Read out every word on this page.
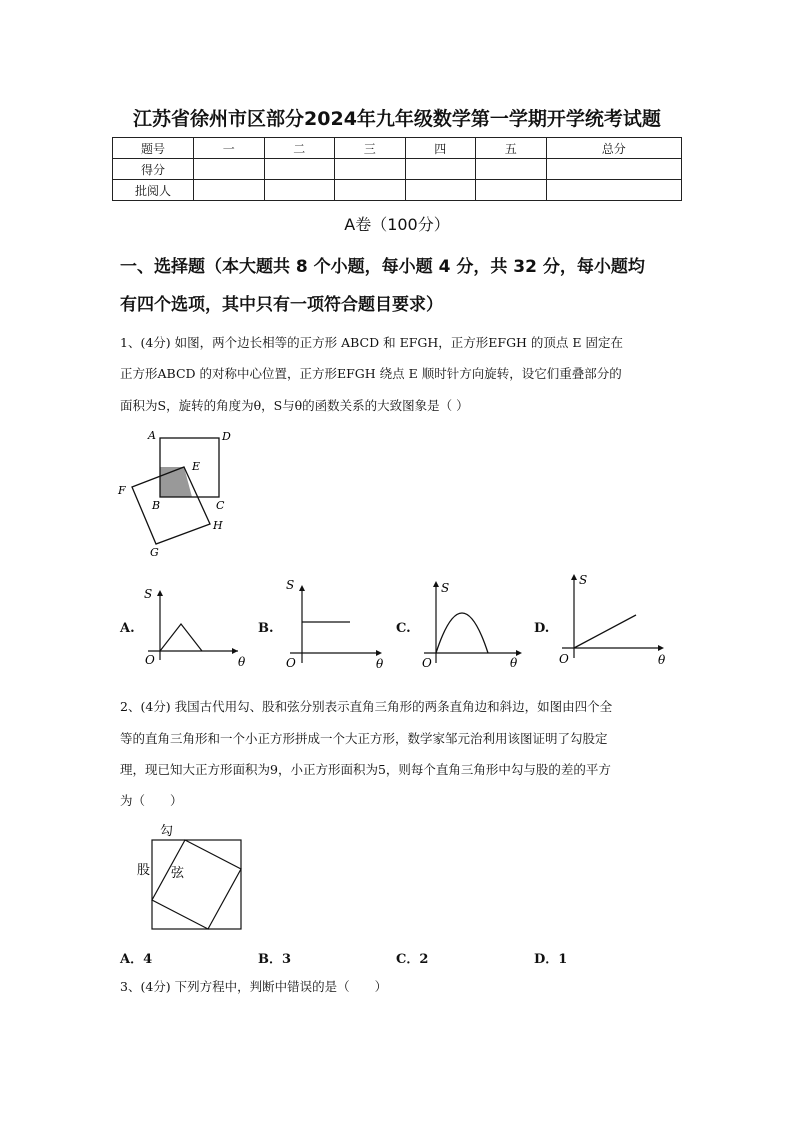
江苏省徐州市区部分2024年九年级数学第一学期开学统考试题
题号	一	二	三	四	五	总分
得分						
批阅人						
A卷（100分）
一、选择题（本大题共 8 个小题，每小题 4 分，共 32 分，每小题均
有四个选项，其中只有一项符合题目要求）
1、(4分) 如图，两个边长相等的正方形 ABCD 和 EFGH，正方形EFGH 的顶点 E 固定在
正方形ABCD 的对称中心位置，正方形EFGH 绕点 E 顺时针方向旋转，设它们重叠部分的
面积为S，旋转的角度为θ，S与θ的函数关系的大致图象是（ ）
A	D
E
F
B	C
H
G
A.
S
O	θ
B.
S
O	θ
C.
S
O	θ
D.
S
O	θ
2、(4分) 我国古代用勾、股和弦分别表示直角三角形的两条直角边和斜边，如图由四个全
等的直角三角形和一个小正方形拼成一个大正方形，数学家邹元治利用该图证明了勾股定
理，现已知大正方形面积为9，小正方形面积为5，则每个直角三角形中勾与股的差的平方
为（　　）
勾
股 弦
A．4	B．3	C．2	D．1
3、(4分) 下列方程中，判断中错误的是（　　）
